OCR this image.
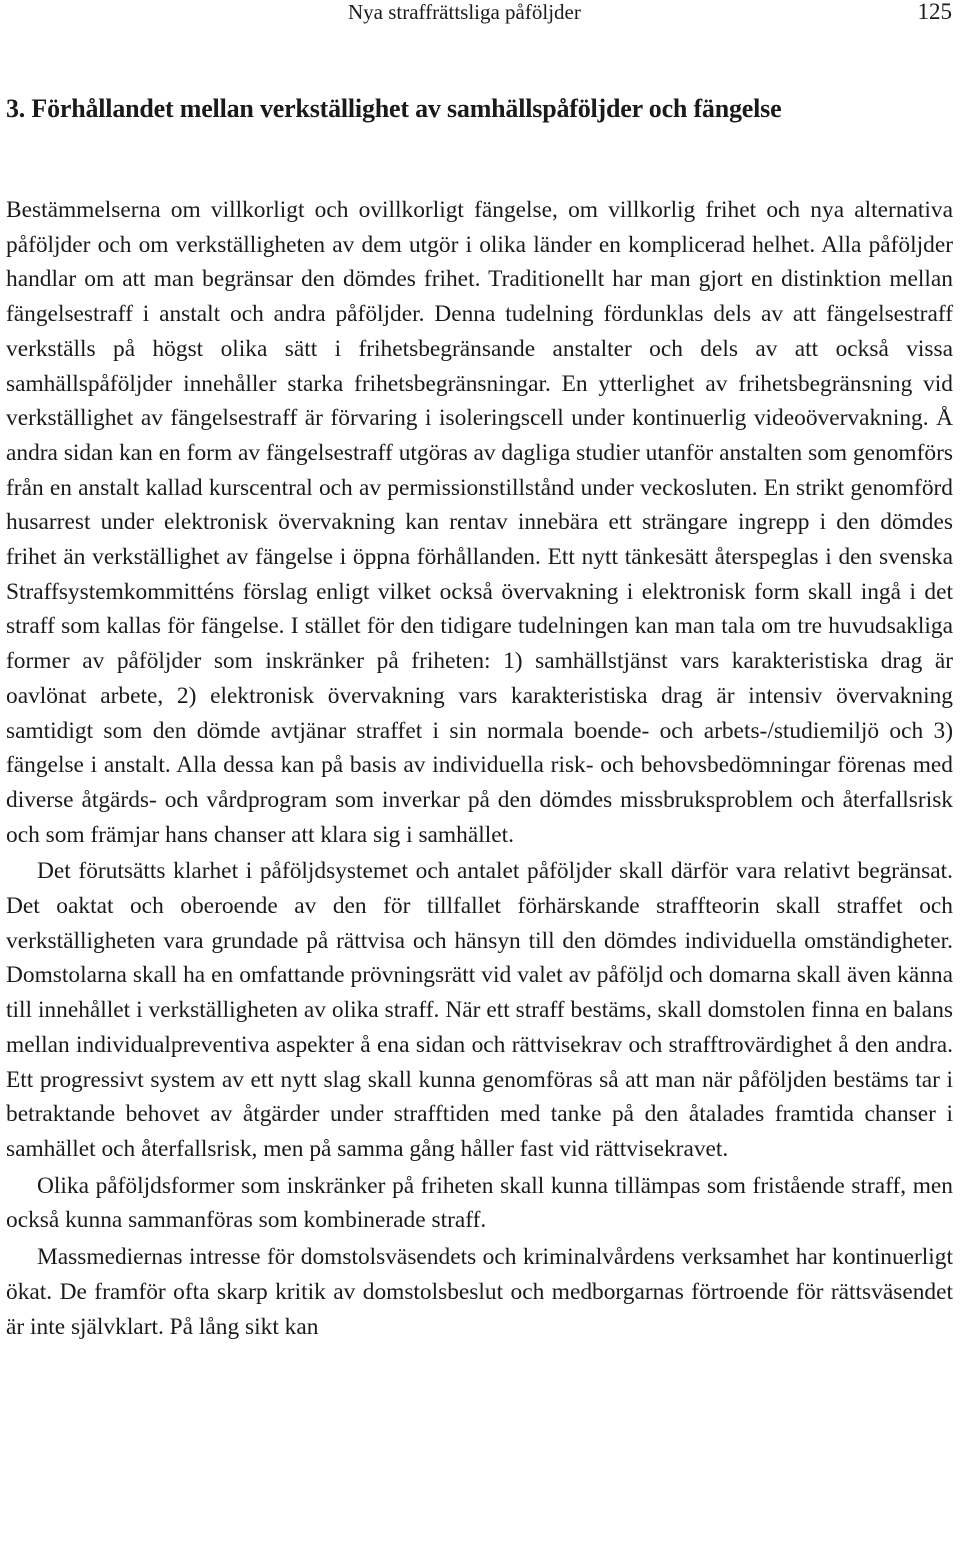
Nya straffrättsliga påföljder	125
3. Förhållandet mellan verkställighet av samhällspåföljder och fängelse

Bestämmelserna om villkorligt och ovillkorligt fängelse, om villkorlig frihet och nya alternativa påföljder och om verkställigheten av dem utgör i olika länder en komplicerad helhet. Alla påföljder handlar om att man begränsar den dömdes frihet. Traditionellt har man gjort en distinktion mellan fängelsestraff i anstalt och andra påföljder. Denna tudelning fördunklas dels av att fängelsestraff verkställs på högst olika sätt i frihetsbegränsande anstalter och dels av att också vissa samhällspåföljder innehåller starka frihetsbegränsningar. En ytterlighet av frihetsbegränsning vid verkställighet av fängelsestraff är förvaring i isoleringscell under kontinuerlig videoövervakning. Å andra sidan kan en form av fängelsestraff utgöras av dagliga studier utanför anstalten som genomförs från en anstalt kallad kurscentral och av permissionstillstånd under veckosluten. En strikt genomförd husarrest under elektronisk övervakning kan rentav innebära ett strängare ingrepp i den dömdes frihet än verkställighet av fängelse i öppna förhållanden. Ett nytt tänkesätt återspeglas i den svenska Straffsystemkommitténs förslag enligt vilket också övervakning i elektronisk form skall ingå i det straff som kallas för fängelse. I stället för den tidigare tudelningen kan man tala om tre huvudsakliga former av påföljder som inskränker på friheten: 1) samhällstjänst vars karakteristiska drag är oavlönat arbete, 2) elektronisk övervakning vars karakteristiska drag är intensiv övervakning samtidigt som den dömde avtjänar straffet i sin normala boende- och arbets-/studiemiljö och 3) fängelse i anstalt. Alla dessa kan på basis av individuella risk- och behovsbedömningar förenas med diverse åtgärds- och vårdprogram som inverkar på den dömdes missbruksproblem och återfallsrisk och som främjar hans chanser att klara sig i samhället.

Det förutsätts klarhet i påföljdsystemet och antalet påföljder skall därför vara relativt begränsat. Det oaktat och oberoende av den för tillfallet förhärskande straffteorin skall straffet och verkställigheten vara grundade på rättvisa och hänsyn till den dömdes individuella omständigheter. Domstolarna skall ha en omfattande prövningsrätt vid valet av påföljd och domarna skall även känna till innehållet i verkställigheten av olika straff. När ett straff bestäms, skall domstolen finna en balans mellan individualpreventiva aspekter å ena sidan och rättvisekrav och strafftrovärdighet å den andra. Ett progressivt system av ett nytt slag skall kunna genomföras så att man när påföljden bestäms tar i betraktande behovet av åtgärder under strafftiden med tanke på den åtalades framtida chanser i samhället och återfallsrisk, men på samma gång håller fast vid rättvisekravet.

Olika påföljdsformer som inskränker på friheten skall kunna tillämpas som fristående straff, men också kunna sammanföras som kombinerade straff.

Massmediernas intresse för domstolsväsendets och kriminalvårdens verksamhet har kontinuerligt ökat. De framför ofta skarp kritik av domstolsbeslut och medborgarnas förtroende för rättsväsendet är inte självklart. På lång sikt kan
